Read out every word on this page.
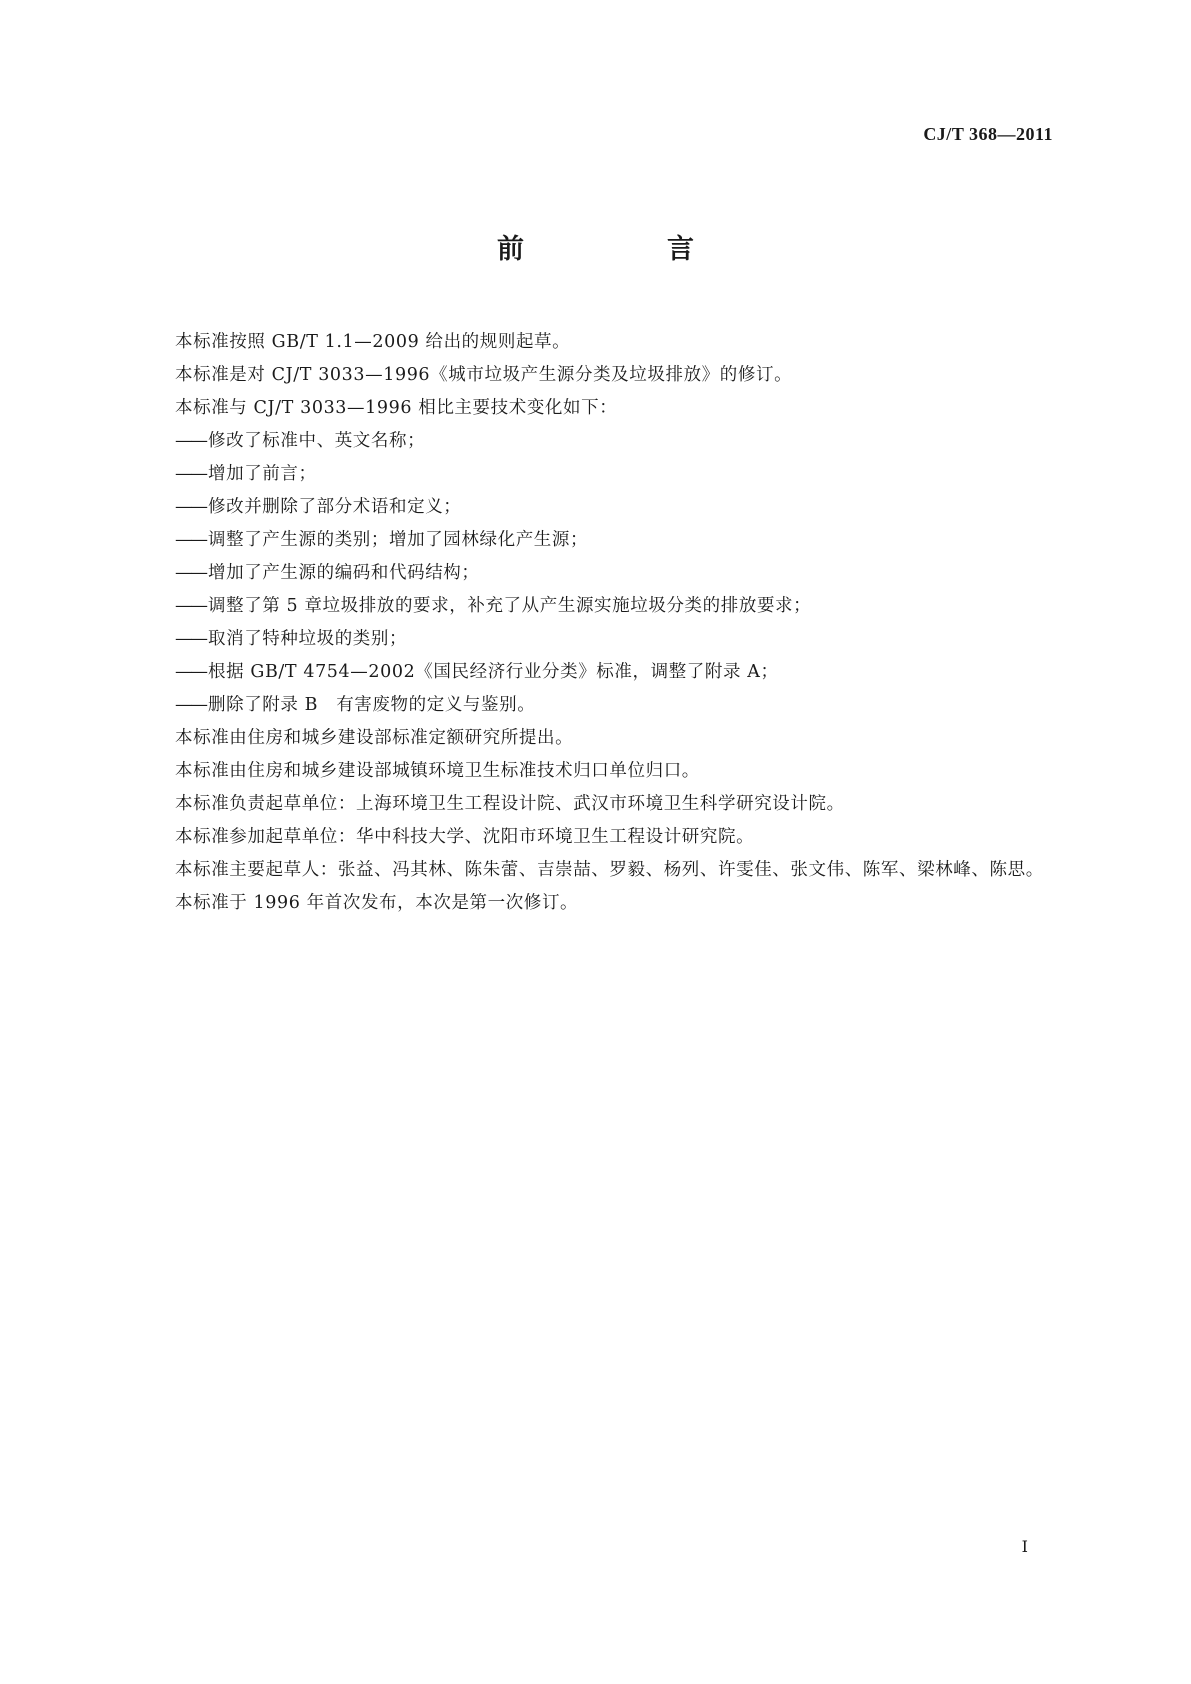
CJ/T 368—2011
前　言
本标准按照 GB/T 1.1—2009 给出的规则起草。
本标准是对 CJ/T 3033—1996《城市垃圾产生源分类及垃圾排放》的修订。
本标准与 CJ/T 3033—1996 相比主要技术变化如下：
—— 修改了标准中、英文名称；
—— 增加了前言；
—— 修改并删除了部分术语和定义；
—— 调整了产生源的类别；增加了园林绿化产生源；
—— 增加了产生源的编码和代码结构；
—— 调整了第 5 章垃圾排放的要求，补充了从产生源实施垃圾分类的排放要求；
—— 取消了特种垃圾的类别；
—— 根据 GB/T 4754—2002《国民经济行业分类》标准，调整了附录 A；
—— 删除了附录 B　有害废物的定义与鉴别。
本标准由住房和城乡建设部标准定额研究所提出。
本标准由住房和城乡建设部城镇环境卫生标准技术归口单位归口。
本标准负责起草单位：上海环境卫生工程设计院、武汉市环境卫生科学研究设计院。
本标准参加起草单位：华中科技大学、沈阳市环境卫生工程设计研究院。
本标准主要起草人：张益、冯其林、陈朱蕾、吉崇喆、罗毅、杨列、许雯佳、张文伟、陈军、梁林峰、陈思。
本标准于 1996 年首次发布，本次是第一次修订。
I
